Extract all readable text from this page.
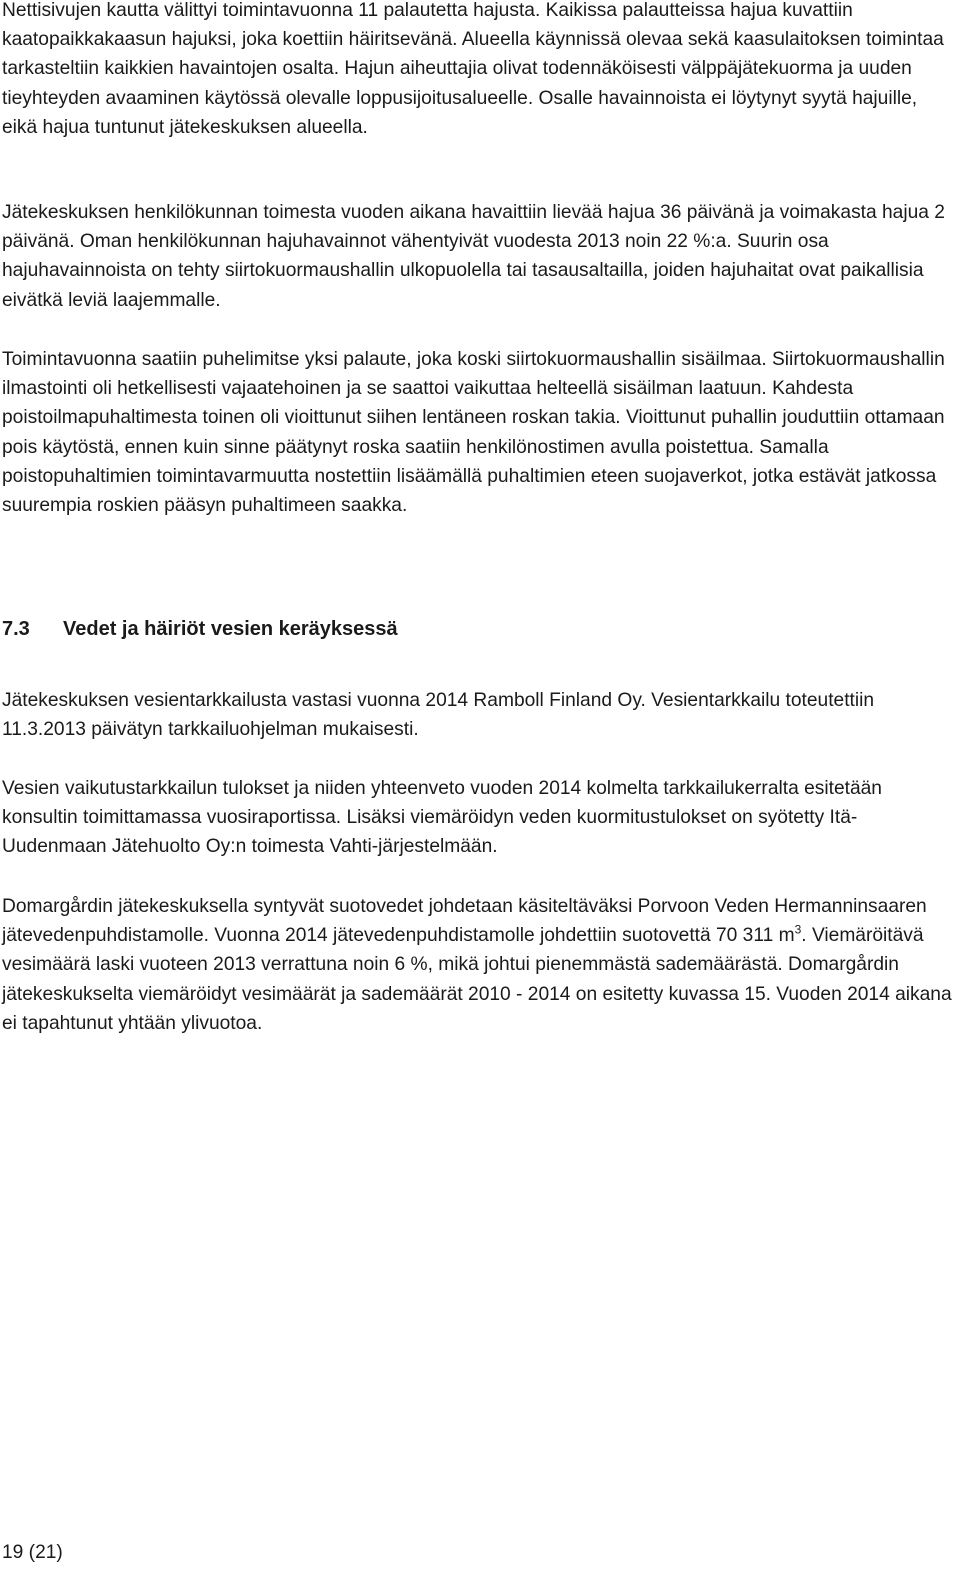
Nettisivujen kautta välittyi toimintavuonna 11 palautetta hajusta. Kaikissa palautteissa hajua kuvattiin kaatopaikkakaasun hajuksi, joka koettiin häiritsevänä. Alueella käynnissä olevaa sekä kaasulaitoksen toimintaa tarkasteltiin kaikkien havaintojen osalta. Hajun aiheuttajia olivat todennäköisesti välppäjätekuorma ja uuden tieyhteyden avaaminen käytössä olevalle loppusijoitusalueelle. Osalle havainnoista ei löytynyt syytä hajuille, eikä hajua tuntunut jätekeskuksen alueella.

Jätekeskuksen henkilökunnan toimesta vuoden aikana havaittiin lievää hajua 36 päivänä ja voimakasta hajua 2 päivänä. Oman henkilökunnan hajuhavainnot vähentyivät vuodesta 2013 noin 22 %:a. Suurin osa hajuhavainnoista on tehty siirtokuormaushallin ulkopuolella tai tasausaltailla, joiden hajuhaitat ovat paikallisia eivätkä leviä laajemmalle.

Toimintavuonna saatiin puhelimitse yksi palaute, joka koski siirtokuormaushallin sisäilmaa. Siirtokuormaushallin ilmastointi oli hetkellisesti vajaatehoinen ja se saattoi vaikuttaa helteellä sisäilman laatuun. Kahdesta poistoilmapuhaltimesta toinen oli vioittunut siihen lentäneen roskan takia. Vioittunut puhallin jouduttiin ottamaan pois käytöstä, ennen kuin sinne päätynyt roska saatiin henkilönostimen avulla poistettua. Samalla poistopuhaltimien toimintavarmuutta nostettiin lisäämällä puhaltimien eteen suojaverkot, jotka estävät jatkossa suurempia roskien pääsyn puhaltimeen saakka.

7.3 Vedet ja häiriöt vesien keräyksessä

Jätekeskuksen vesientarkkailusta vastasi vuonna 2014 Ramboll Finland Oy. Vesientarkkailu toteutettiin 11.3.2013 päivätyn tarkkailuohjelman mukaisesti.

Vesien vaikutustarkkailun tulokset ja niiden yhteenveto vuoden 2014 kolmelta tarkkailukerralta esitetään konsultin toimittamassa vuosiraportissa. Lisäksi viemäröidyn veden kuormitustulokset on syötetty Itä-Uudenmaan Jätehuolto Oy:n toimesta Vahti-järjestelmään.

Domargårdin jätekeskuksella syntyvät suotovedet johdetaan käsiteltäväksi Porvoon Veden Hermanninsaaren jätevedenpuhdistamolle. Vuonna 2014 jätevedenpuhdistamolle johdettiin suotovettä 70 311 $m^3$. Viemäröitävä vesimäärä laski vuoteen 2013 verrattuna noin 6 %, mikä johtui pienemmästä sademäärästä. Domargårdin jätekeskukselta viemäröidyt vesimäärät ja sademäärät 2010 - 2014 on esitetty kuvassa 15. Vuoden 2014 aikana ei tapahtunut yhtään ylivuotoa.

19 (21)
